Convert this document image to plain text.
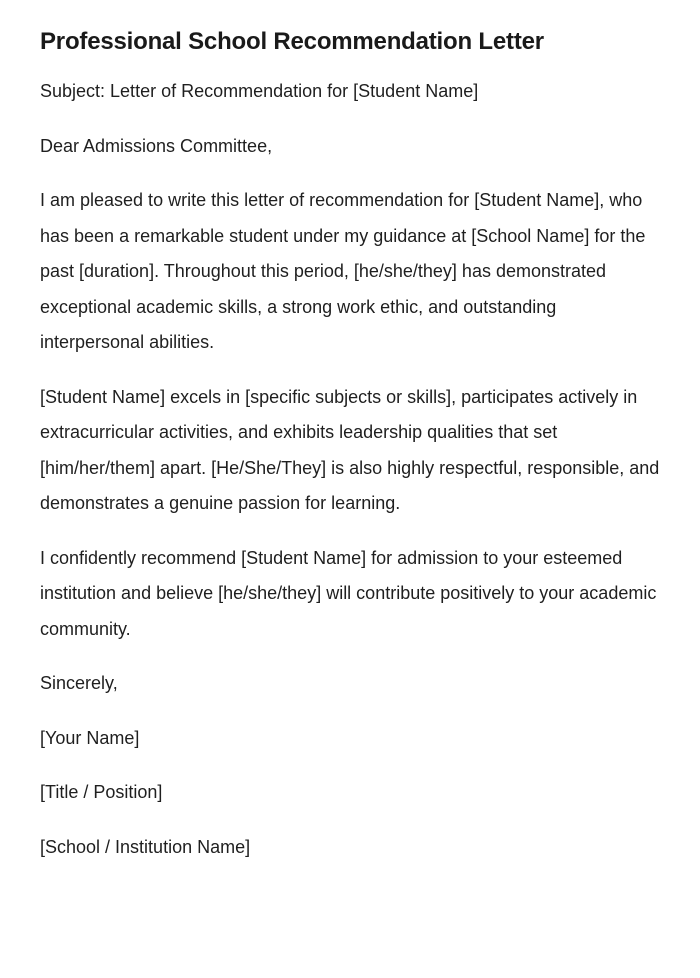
Professional School Recommendation Letter

Subject: Letter of Recommendation for [Student Name]

Dear Admissions Committee,

I am pleased to write this letter of recommendation for [Student Name], who has been a remarkable student under my guidance at [School Name] for the past [duration]. Throughout this period, [he/she/they] has demonstrated exceptional academic skills, a strong work ethic, and outstanding interpersonal abilities.

[Student Name] excels in [specific subjects or skills], participates actively in extracurricular activities, and exhibits leadership qualities that set [him/her/them] apart. [He/She/They] is also highly respectful, responsible, and demonstrates a genuine passion for learning.

I confidently recommend [Student Name] for admission to your esteemed institution and believe [he/she/they] will contribute positively to your academic community.

Sincerely,

[Your Name]

[Title / Position]

[School / Institution Name]
